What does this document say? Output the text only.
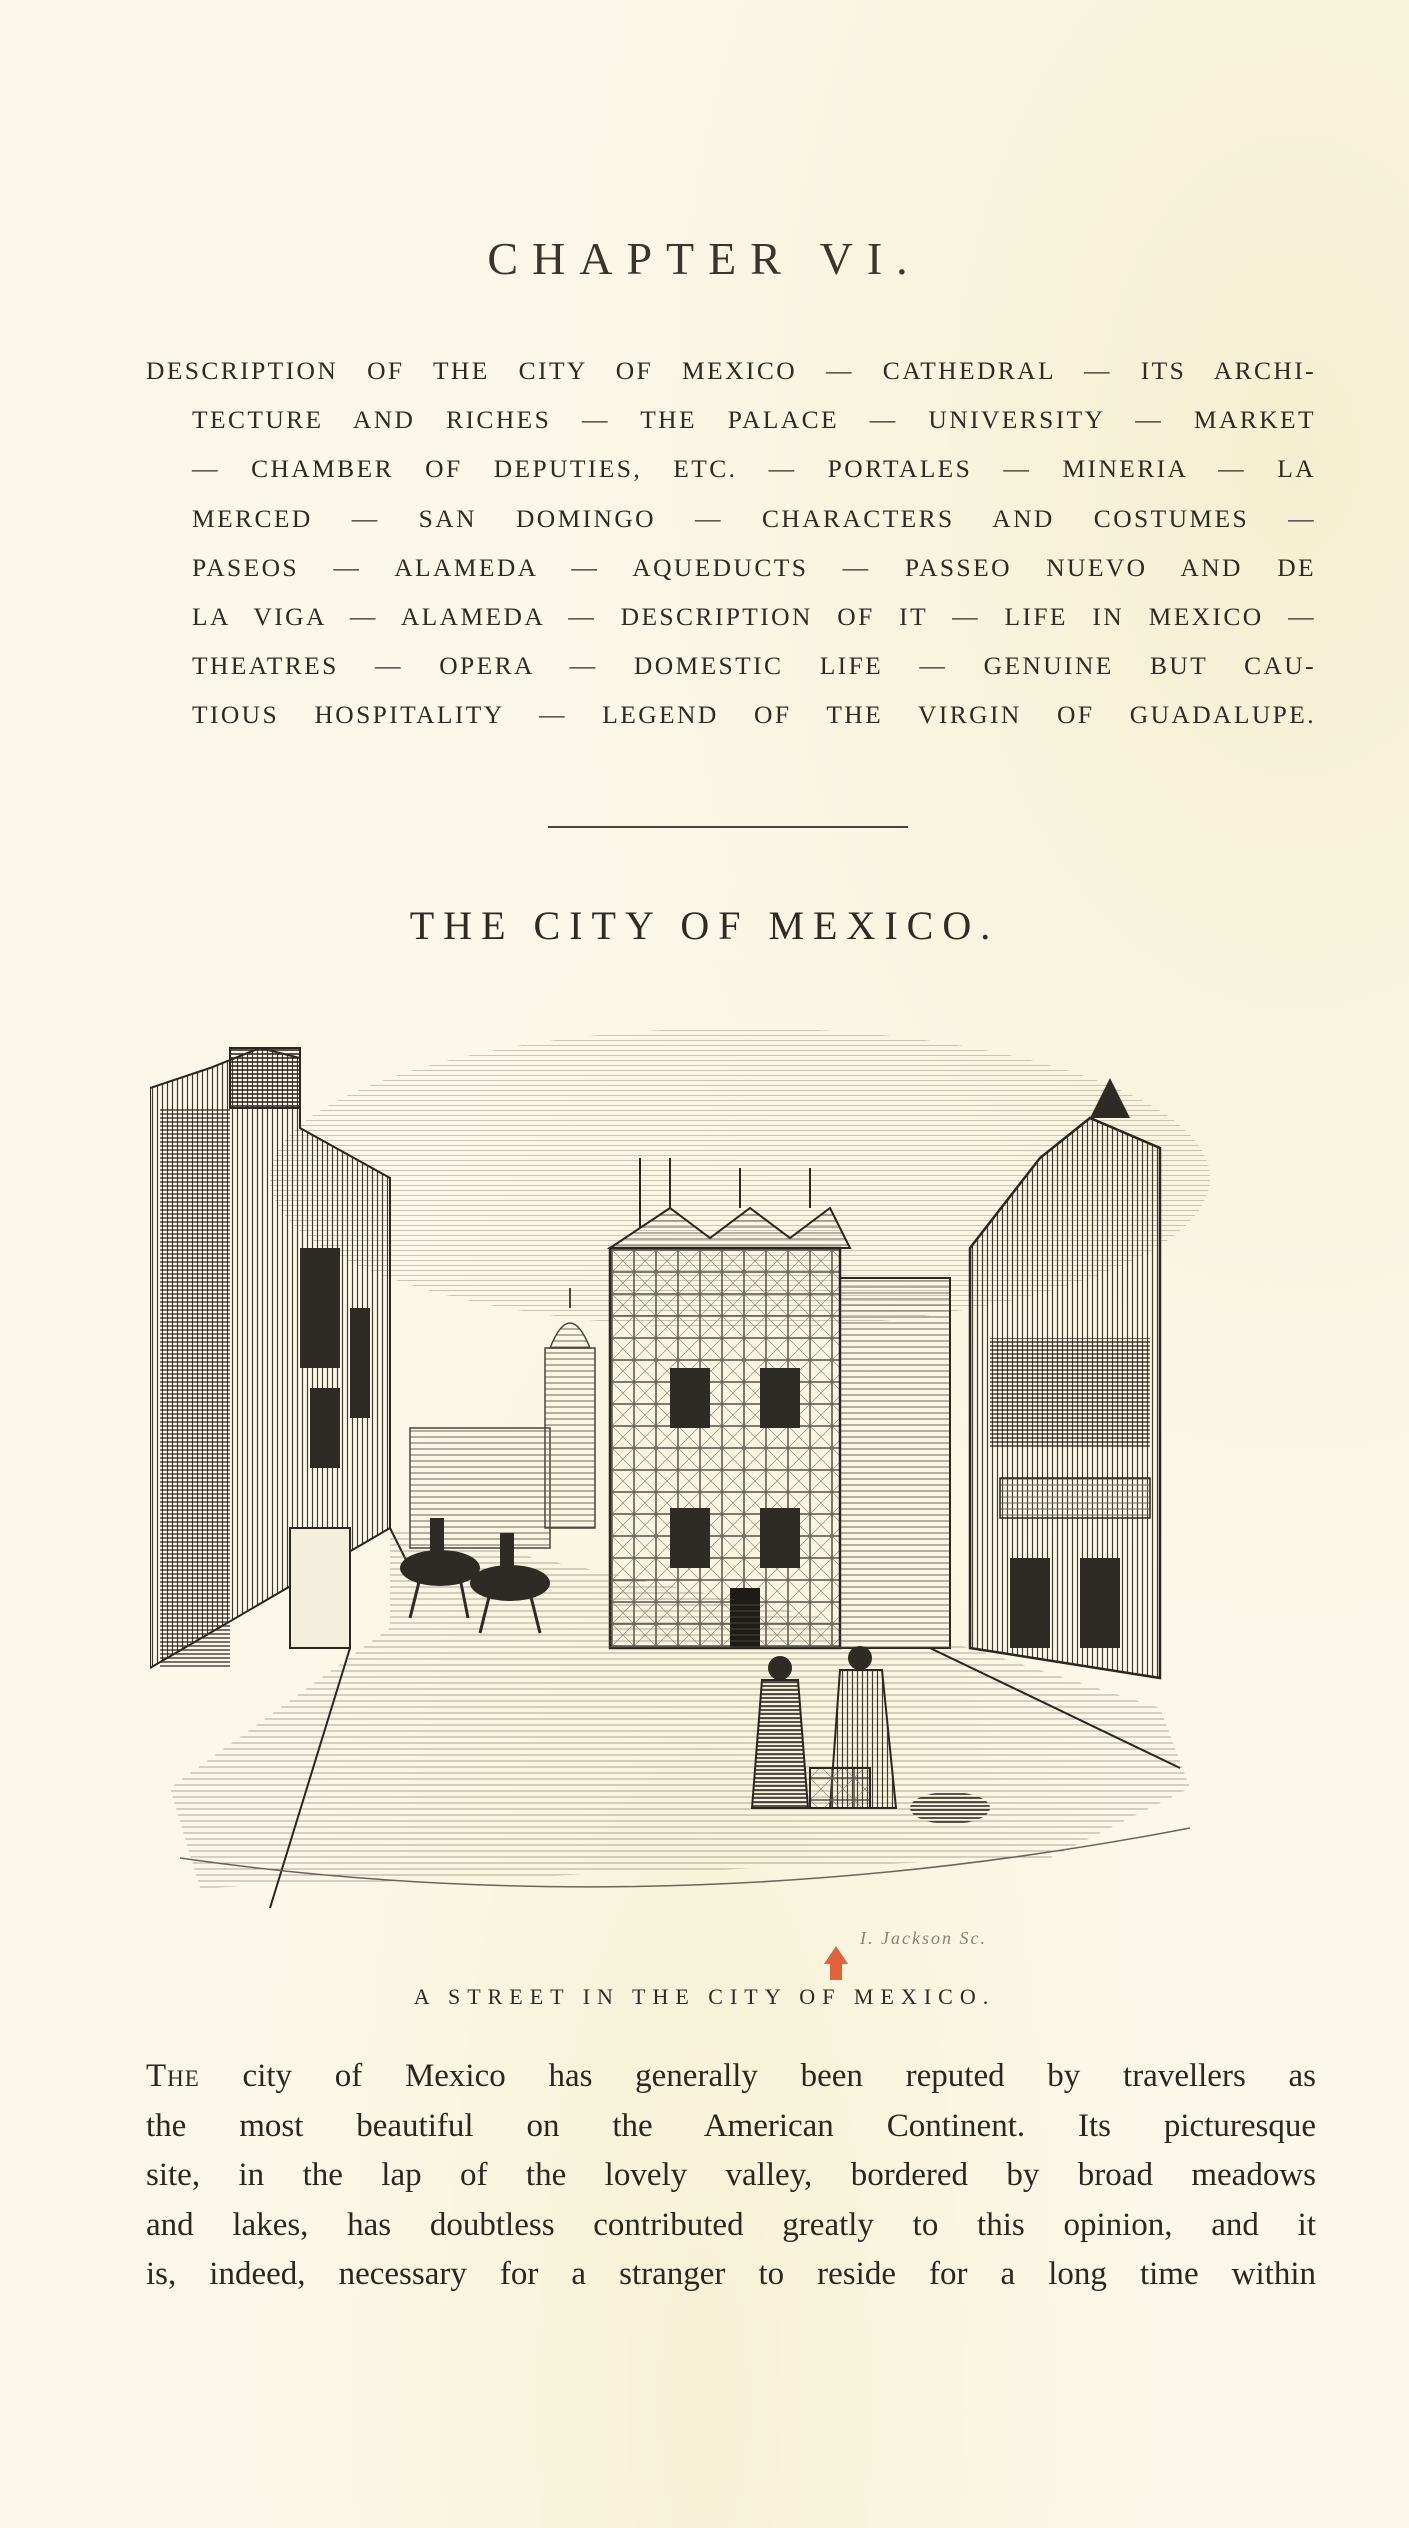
CHAPTER VI.
DESCRIPTION OF THE CITY OF MEXICO — CATHEDRAL — ITS ARCHI-
TECTURE AND RICHES — THE PALACE — UNIVERSITY — MARKET
— CHAMBER OF DEPUTIES, ETC. — PORTALES — MINERIA — LA
MERCED — SAN DOMINGO — CHARACTERS AND COSTUMES —
PASEOS — ALAMEDA — AQUEDUCTS — PASSEO NUEVO AND DE
LA VIGA — ALAMEDA — DESCRIPTION OF IT — LIFE IN MEXICO —
THEATRES — OPERA — DOMESTIC LIFE — GENUINE BUT CAU-
TIOUS HOSPITALITY — LEGEND OF THE VIRGIN OF GUADALUPE.
THE CITY OF MEXICO.
I. Jackson Sc.
A STREET IN THE CITY OF MEXICO.
The city of Mexico has generally been reputed by travellers as
the most beautiful on the American Continent. Its picturesque
site, in the lap of the lovely valley, bordered by broad meadows
and lakes, has doubtless contributed greatly to this opinion, and it
is, indeed, necessary for a stranger to reside for a long time within
